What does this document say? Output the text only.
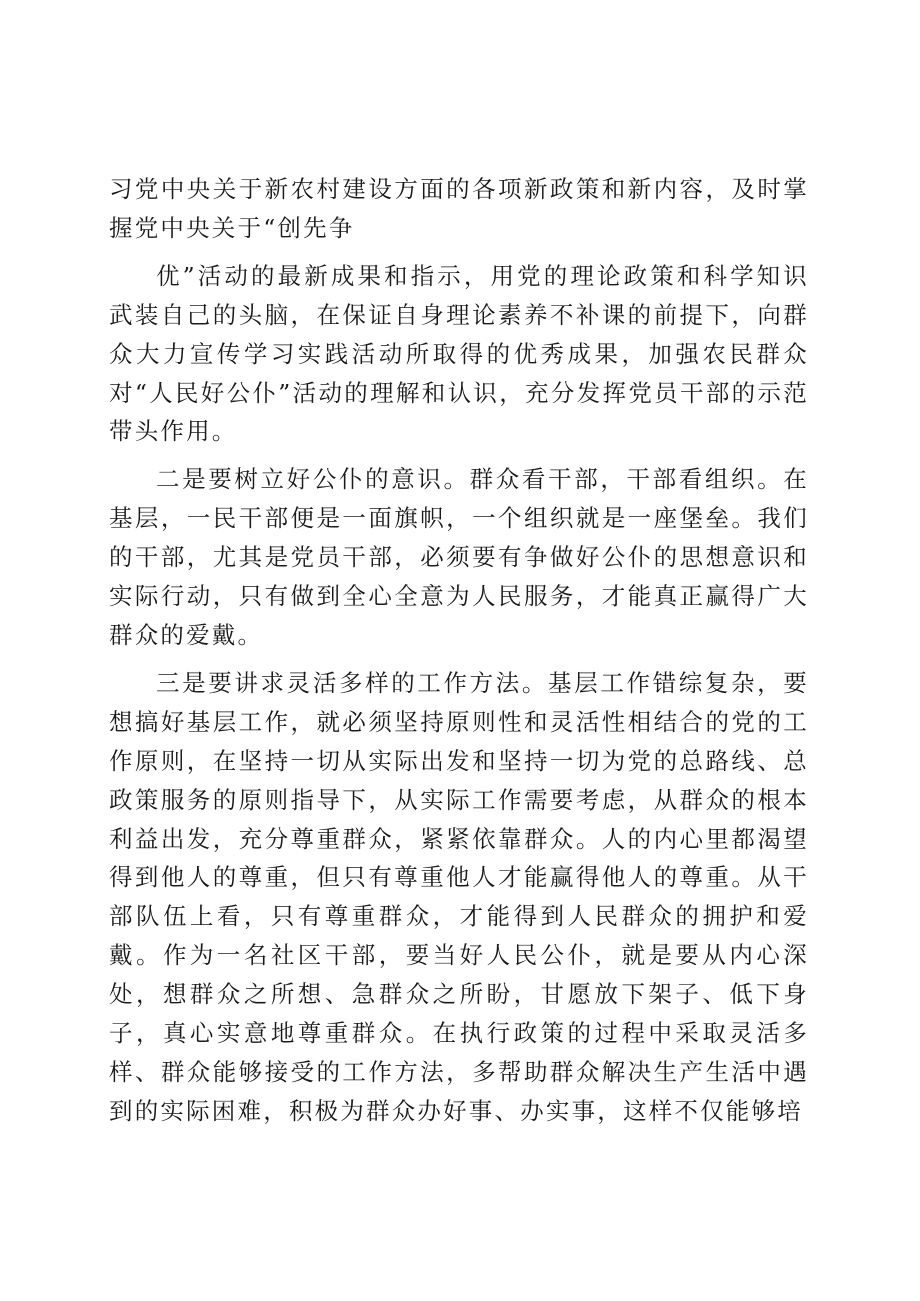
习党中央关于新农村建设方面的各项新政策和新内容，及时掌握党中央关于“创先争

优”活动的最新成果和指示，用党的理论政策和科学知识武装自己的头脑，在保证自身理论素养不补课的前提下，向群众大力宣传学习实践活动所取得的优秀成果，加强农民群众对“人民好公仆”活动的理解和认识，充分发挥党员干部的示范带头作用。

二是要树立好公仆的意识。群众看干部，干部看组织。在基层，一民干部便是一面旗帜，一个组织就是一座堡垒。我们的干部，尤其是党员干部，必须要有争做好公仆的思想意识和实际行动，只有做到全心全意为人民服务，才能真正赢得广大群众的爱戴。

三是要讲求灵活多样的工作方法。基层工作错综复杂，要想搞好基层工作，就必须坚持原则性和灵活性相结合的党的工作原则，在坚持一切从实际出发和坚持一切为党的总路线、总政策服务的原则指导下，从实际工作需要考虑，从群众的根本利益出发，充分尊重群众，紧紧依靠群众。人的内心里都渴望得到他人的尊重，但只有尊重他人才能赢得他人的尊重。从干部队伍上看，只有尊重群众，才能得到人民群众的拥护和爱戴。作为一名社区干部，要当好人民公仆，就是要从内心深处，想群众之所想、急群众之所盼，甘愿放下架子、低下身子，真心实意地尊重群众。在执行政策的过程中采取灵活多样、群众能够接受的工作方法，多帮助群众解决生产生活中遇到的实际困难，积极为群众办好事、办实事，这样不仅能够培
